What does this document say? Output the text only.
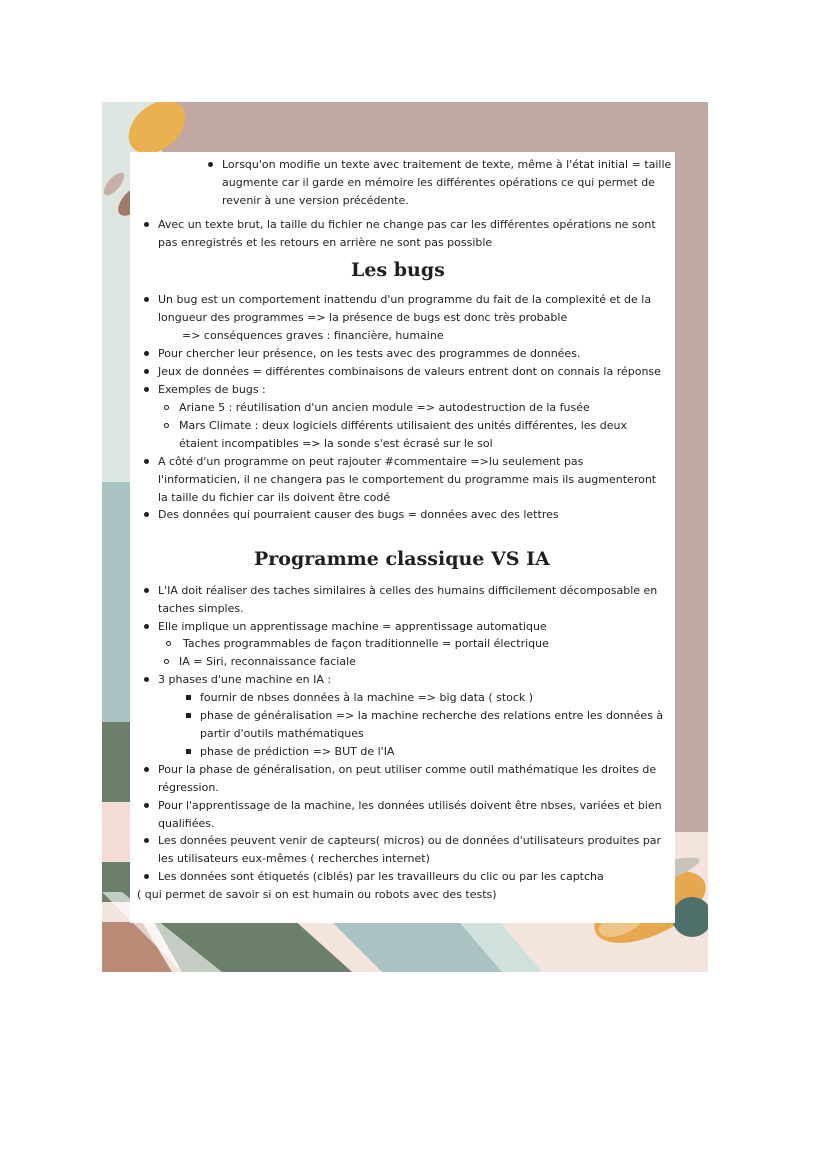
Les bugs
Programme classique VS IA
Lorsqu'on modifie un texte avec traitement de texte, même à l'état initial = taille
augmente car il garde en mémoire les différentes opérations ce qui permet de
revenir à une version précédente.
Avec un texte brut, la taille du fichier ne change pas car les différentes opérations ne sont
pas enregistrés et les retours en arrière ne sont pas possible
Un bug est un comportement inattendu d'un programme du fait de la complexité et de la
longueur des programmes => la présence de bugs est donc très probable
=> conséquences graves : financière, humaine
Pour chercher leur présence, on les tests avec des programmes de données.
Jeux de données = différentes combinaisons de valeurs entrent dont on connais la réponse
Exemples de bugs :
Ariane 5 : réutilisation d'un ancien module => autodestruction de la fusée
Mars Climate : deux logiciels différents utilisaient des unités différentes, les deux
étaient incompatibles => la sonde s'est écrasé sur le sol
A côté d'un programme on peut rajouter #commentaire =>lu seulement pas
l'informaticien, il ne changera pas le comportement du programme mais ils augmenteront
la taille du fichier car ils doivent être codé
Des données qui pourraient causer des bugs = données avec des lettres
L'IA doit réaliser des taches similaires à celles des humains difficilement décomposable en
taches simples.
Elle implique un apprentissage machine = apprentissage automatique
Taches programmables de façon traditionnelle = portail électrique
IA = Siri, reconnaissance faciale
3 phases d'une machine en IA :
fournir de nbses données à la machine => big data ( stock )
phase de généralisation => la machine recherche des relations entre les données à
partir d'outils mathématiques
phase de prédiction => BUT de l'IA
Pour la phase de généralisation, on peut utiliser comme outil mathématique les droites de
régression.
Pour l'apprentissage de la machine, les données utilisés doivent être nbses, variées et bien
qualifiées.
Les données peuvent venir de capteurs( micros) ou de données d'utilisateurs produites par
les utilisateurs eux-mêmes ( recherches internet)
Les données sont étiquetés (ciblés) par les travailleurs du clic ou par les captcha
( qui permet de savoir si on est humain ou robots avec des tests)
